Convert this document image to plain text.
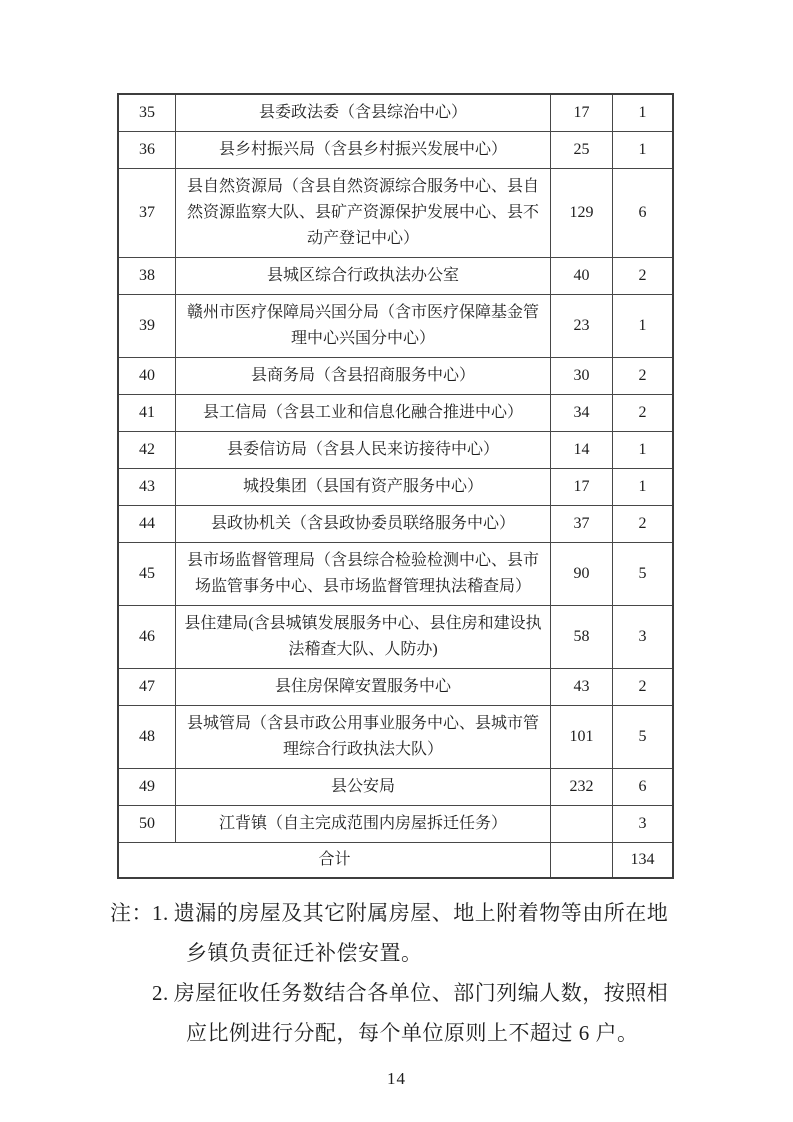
35	县委政法委（含县综治中心）	17	1
36	县乡村振兴局（含县乡村振兴发展中心）	25	1
37	县自然资源局（含县自然资源综合服务中心、县自然资源监察大队、县矿产资源保护发展中心、县不动产登记中心）	129	6
38	县城区综合行政执法办公室	40	2
39	赣州市医疗保障局兴国分局（含市医疗保障基金管理中心兴国分中心）	23	1
40	县商务局（含县招商服务中心）	30	2
41	县工信局（含县工业和信息化融合推进中心）	34	2
42	县委信访局（含县人民来访接待中心）	14	1
43	城投集团（县国有资产服务中心）	17	1
44	县政协机关（含县政协委员联络服务中心）	37	2
45	县市场监督管理局（含县综合检验检测中心、县市场监管事务中心、县市场监督管理执法稽查局）	90	5
46	县住建局(含县城镇发展服务中心、县住房和建设执法稽查大队、人防办)	58	3
47	县住房保障安置服务中心	43	2
48	县城管局（含县市政公用事业服务中心、县城市管理综合行政执法大队）	101	5
49	县公安局	232	6
50	江背镇（自主完成范围内房屋拆迁任务）		3
合计			134
注： 1. 遗漏的房屋及其它附属房屋、地上附着物等由所在地乡镇负责征迁补偿安置。
2. 房屋征收任务数结合各单位、部门列编人数，按照相应比例进行分配，每个单位原则上不超过 6 户。
14
